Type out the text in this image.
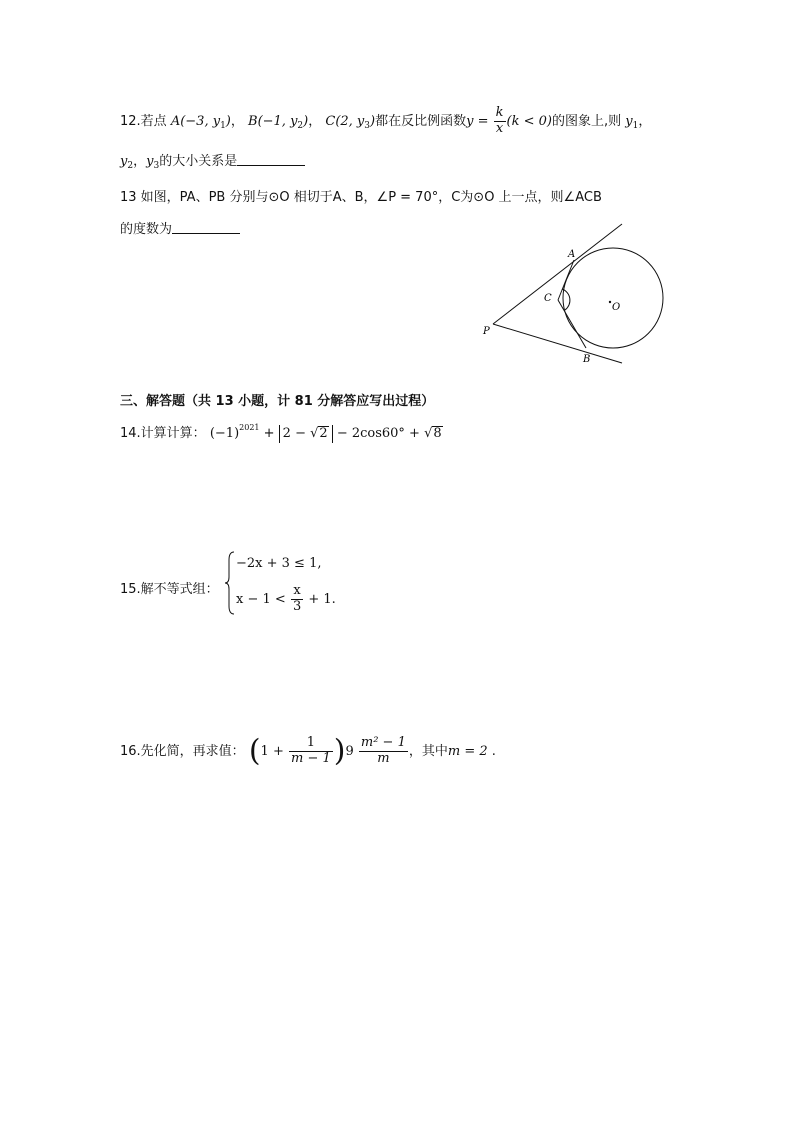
12.若点 A(−3, $y_1$)， B(−1, $y_2$)， C(2, $y_3$)都在反比例函数$y = \frac{k}{x} (k < 0)$的图象上,则 $y_1$，
$y_2$，$y_3$的大小关系是
13 如图，PA、PB 分别与⊙O 相切于A、B，∠P = 70°，C为⊙O 上一点，则∠ACB
的度数为
A
B
C
O
P
三、解答题（共 13 小题，计 81 分解答应写出过程）
14.计算计算： $(-1)^{2021} + 2 - √2 - 2\cos 60^\circ + √8$
15.解不等式组：
−2x + 3 ≤ 1,
$x - 1 < \frac{x}{3} + 1$.
16.先化简，再求值： $(1 + \frac{1}{m - 1} )9 \frac{\text{m² − 1}}{m}$ ，其中m = 2 .
